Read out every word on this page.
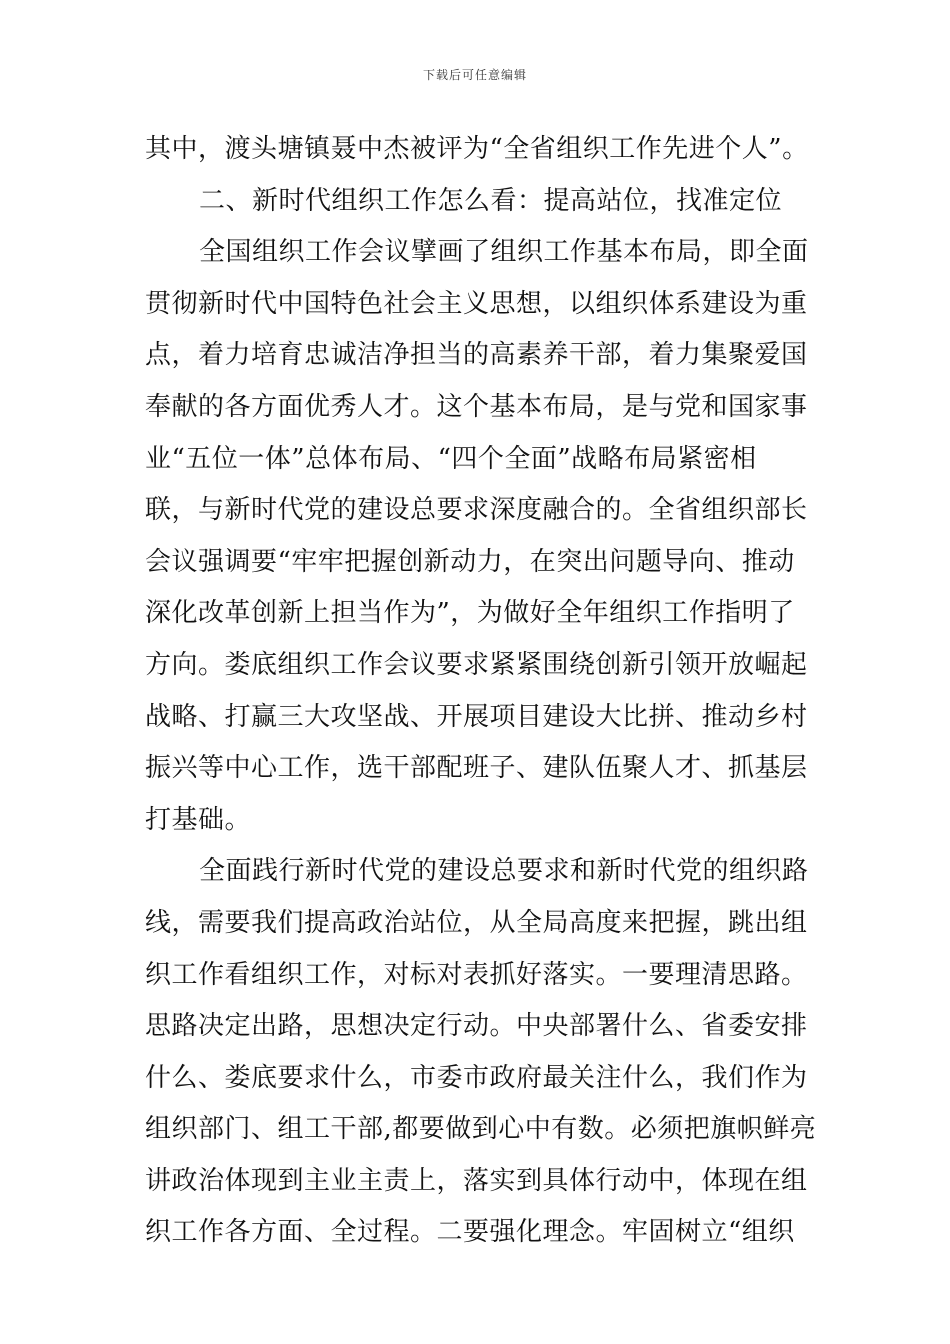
下载后可任意编辑
其中，渡头塘镇聂中杰被评为“全省组织工作先进个人”。
二、新时代组织工作怎么看：提高站位，找准定位
全国组织工作会议擘画了组织工作基本布局，即全面
贯彻新时代中国特色社会主义思想，以组织体系建设为重
点，着力培育忠诚洁净担当的高素养干部，着力集聚爱国
奉献的各方面优秀人才。这个基本布局，是与党和国家事
业“五位一体”总体布局、“四个全面”战略布局紧密相
联，与新时代党的建设总要求深度融合的。全省组织部长
会议强调要“牢牢把握创新动力，在突出问题导向、推动
深化改革创新上担当作为”，为做好全年组织工作指明了
方向。娄底组织工作会议要求紧紧围绕创新引领开放崛起
战略、打赢三大攻坚战、开展项目建设大比拼、推动乡村
振兴等中心工作，选干部配班子、建队伍聚人才、抓基层
打基础。
全面践行新时代党的建设总要求和新时代党的组织路
线，需要我们提高政治站位，从全局高度来把握，跳出组
织工作看组织工作，对标对表抓好落实。一要理清思路。
思路决定出路，思想决定行动。中央部署什么、省委安排
什么、娄底要求什么，市委市政府最关注什么，我们作为
组织部门、组工干部,都要做到心中有数。必须把旗帜鲜亮
讲政治体现到主业主责上，落实到具体行动中，体现在组
织工作各方面、全过程。二要强化理念。牢固树立“组织
